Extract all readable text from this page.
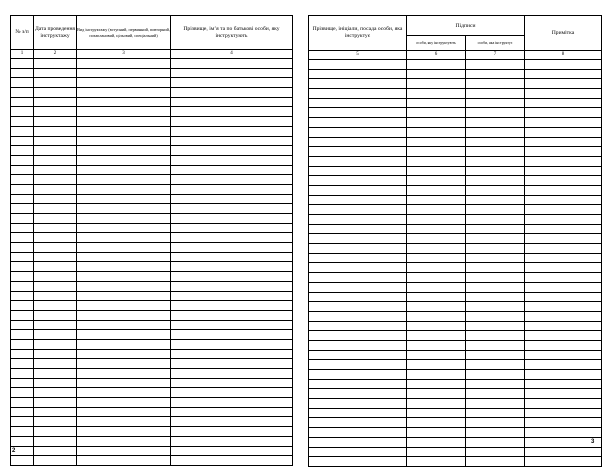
№ з/п	Дата проведення інструктажу	Вид інструктажу (вступний, первинний, повторний, позаплановий, цільовий, спеціальний)	Прізвище, ім’я та по батькові особи, яку інструктують
1	2	3	4

2
Прізвище, ініціали, посада особи, яка інструктує	Підписи		Примітка
	особи, яку інструктують	особи, яка інструктує	
5	6	7	8

3
